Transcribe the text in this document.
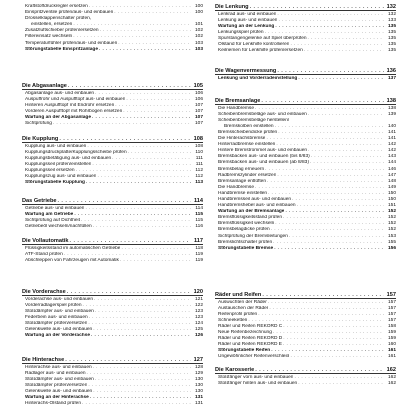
Kraftstoffdruckregler ersetzen . . .	100
Einspritzventile prüfen/aus- und einbauen . . .	100
Drosselklappenschalter prüfen,
einstellen, ersetzen . . .	101
Zusatzluftschieber prüfen/ersetzen . . .	102
Filtereinsatz wechseln . . .	102
Temperaturfühler prüfen/aus- und einbauen . . .	103
Störungstabelle Einspritzanlage . . .	103
Die Abgasanlage . . .	105
Abgasanlage aus- und einbauen . . .	106
Auspuffrohr und Auspufftopf aus- und einbauen . . .	106
Hinteren Auspufftopf mit Endrohr ersetzen . . .	107
Vorderen Auspufftopf mit Rohrbogen ersetzen . . .	107
Wartung an der Abgasanlage . . .	107
Sichtprüfung . . .	107
Die Kupplung . . .	108
Kupplung aus- und einbauen . . .	108
Kupplungsdruckplatte/Kupplungsscheibe prüfen . . .	110
Kupplungsbetätigung aus- und einbauen . . .	111
Kupplungsseil prüfen/einstellen . . .	111
Kupplungsseil ersetzen . . .	112
Kupplungszug aus- und einbauen . . .	112
Störungstabelle Kupplung . . .	113
Das Getriebe . . .	114
Getriebe aus- und einbauen . . .	114
Wartung am Getriebe . . .	115
Sichtprüfung auf Dichtheit . . .	115
Getriebeöl wechseln/nachfüllen . . .	116
Die Vollautomatik . . .	117
Flüssigkeitsstand im automatischen Getriebe . . .	118
ATF-Stand prüfen . . .	119
Abschleppen von Fahrzeugen mit Automatik . . .	119
Die Vorderachse . . .	120
Vorderachse aus- und einbauen . . .	121
Vorderradlagerspiel prüfen . . .	122
Stoßdämpfer aus- und einbauen . . .	123
Federbein aus- und einbauen . . .	123
Stoßdämpfer prüfen/ersetzen . . .	124
Gelenkwelle aus- und einbauen . . .	125
Wartung an der Vorderachse . . .	126
Die Hinterachse . . .	127
Hinterachse aus- und einbauen . . .	128
Radlager aus- und einbauen . . .	129
Stoßdämpfer aus- und einbauen . . .	130
Stoßdämpfer prüfen/ersetzen . . .	130
Gelenkwelle aus- und einbauen . . .	130
Wartung an der Hinterachse . . .	131
Hinterachs-Ölstand prüfen . . .	131
Die Lenkung . . .	132
Lenkrad aus- und einbauen . . .	132
Lenkung aus- und einbauen . . .	133
Wartung an der Lenkung . . .	135
Lenkungsspiel prüfen . . .	135
Spurstangengelenke auf Spiel überprüfen . . .	135
Ölstand für Lenkhilfe kontrollieren . . .	135
Keilriemen für Lenkhilfe prüfen/ersetzen . . .	135
Die Wagenvermessung . . .	136
Lenkung und Vorderradeinstellung . . .	137
Die Bremsanlage . . .	138
Die Handbremse . . .	138
Scheibenbremsbeläge aus- und einbauen . . .	139
Scheibenbremsbeläge herstellen/
Bremskolben einstellen . . .	140
Bremsscheibendicke prüfen . . .	141
Die Hinterachsbremse . . .	141
Hinterradbremse einstellen . . .	142
Hintere Bremstrommel aus- und einbauen . . .	142
Bremsbacken aus- und einbauen (bis 8/83) . . .	143
Bremsbacken aus- und einbauen (ab 8/83) . . .	144
Bremsbelag erneuern . . .	146
Radbremszylinder ersetzen . . .	147
Bremsanlage entlüften . . .	148
Die Handbremse . . .	149
Handbremse einstellen . . .	150
Handbremsseil aus- und einbauen . . .	150
Handbremshebel aus- und einbauen . . .	151
Wartung an der Bremsanlage . . .	152
Bremsflüssigkeitsstand prüfen . . .	152
Bremsflüssigkeit wechseln . . .	152
Bremsbelagdicke prüfen . . .	152
Sichtprüfung der Bremsleitungen . . .	153
Bremslichtschalter prüfen . . .	155
Störungstabelle Bremse . . .	156
Räder und Reifen . . .	157
Auswuchten der Räder . . .	157
Austauschen der Räder . . .	157
Reifenprofil prüfen . . .	157
Schneeketten . . .	157
Räder und Reifen REKORD C . . .	158
Neue Reifenbezeichnung . . .	159
Räder und Reifen REKORD D . . .	159
Räder und Reifen REKORD E . . .	160
Störungstabelle Reifen . . .	161
Ungewöhnlicher Reifenverschleiß . . .	161
Die Karosserie . . .	162
Stoßfänger vorn aus- und einbauen . . .	162
Stoßfänger hinten aus- und einbauen . . .	162
